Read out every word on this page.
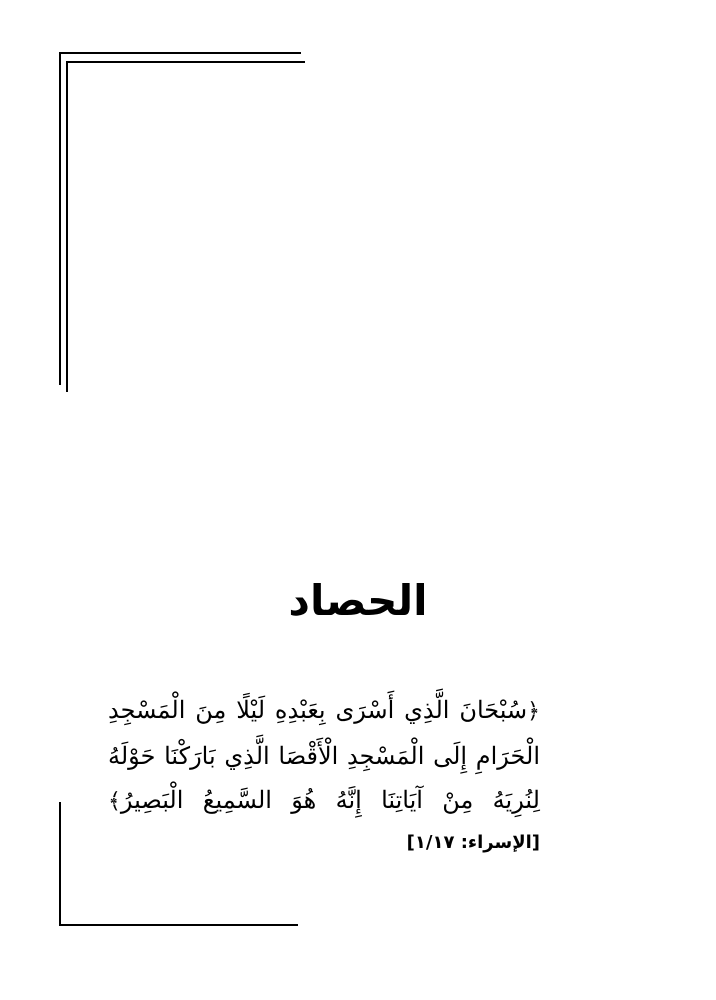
الحصاد
﴿سُبْحَانَ الَّذِي أَسْرَى بِعَبْدِهِ لَيْلًا مِنَ الْمَسْجِدِ الْحَرَامِ إِلَى الْمَسْجِدِ الْأَقْصَا الَّذِي بَارَكْنَا حَوْلَهُ لِنُرِيَهُ مِنْ آيَاتِنَا إِنَّهُ هُوَ السَّمِيعُ الْبَصِيرُ﴾
[الإسراء: ١/١٧]
